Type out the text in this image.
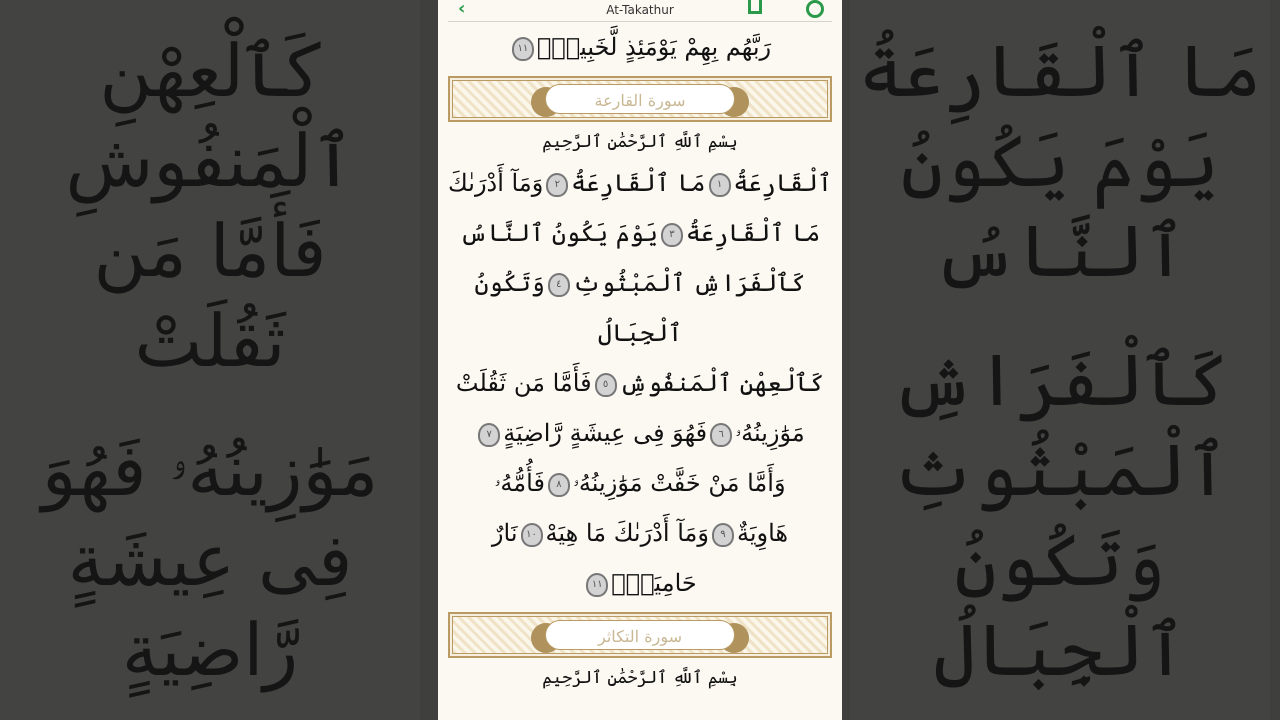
مَا ٱلْقَارِعَةُ يَوْمَ يَكُونُ ٱلنَّاسُ
كَٱلْفَرَاشِ ٱلْمَبْثُوثِ وَتَكُونُ ٱلْجِبَالُ
كَٱلْعِهْنِ ٱلْمَنفُوشِ فَأَمَّا مَن ثَقُلَتْ
مَوَٰزِينُهُۥ فَهُوَ فِى عِيشَةٍ رَّاضِيَةٍ
‹	At-Takathur
رَبَّهُم بِهِمْ يَوْمَئِذٍ لَّخَبِيرٌۢ١١
سورة القارعة
بِسْمِ ٱللَّهِ ٱلرَّحْمَٰنِ ٱلرَّحِيمِ
ٱلْقَارِعَةُ١مَا ٱلْقَارِعَةُ٢وَمَآ أَدْرَىٰكَ
مَا ٱلْقَارِعَةُ٣يَوْمَ يَكُونُ ٱلنَّاسُ
كَٱلْفَرَاشِ ٱلْمَبْثُوثِ٤وَتَكُونُ ٱلْجِبَالُ
كَٱلْعِهْنِ ٱلْمَنفُوشِ٥فَأَمَّا مَن ثَقُلَتْ
مَوَٰزِينُهُۥ٦فَهُوَ فِى عِيشَةٍ رَّاضِيَةٍ٧
وَأَمَّا مَنْ خَفَّتْ مَوَٰزِينُهُۥ٨فَأُمُّهُۥ
هَاوِيَةٌ٩وَمَآ أَدْرَىٰكَ مَا هِيَهْ١٠نَارٌ
حَامِيَةٌۢ١١
سورة التكاثر
بِسْمِ ٱللَّهِ ٱلرَّحْمَٰنِ ٱلرَّحِيمِ
